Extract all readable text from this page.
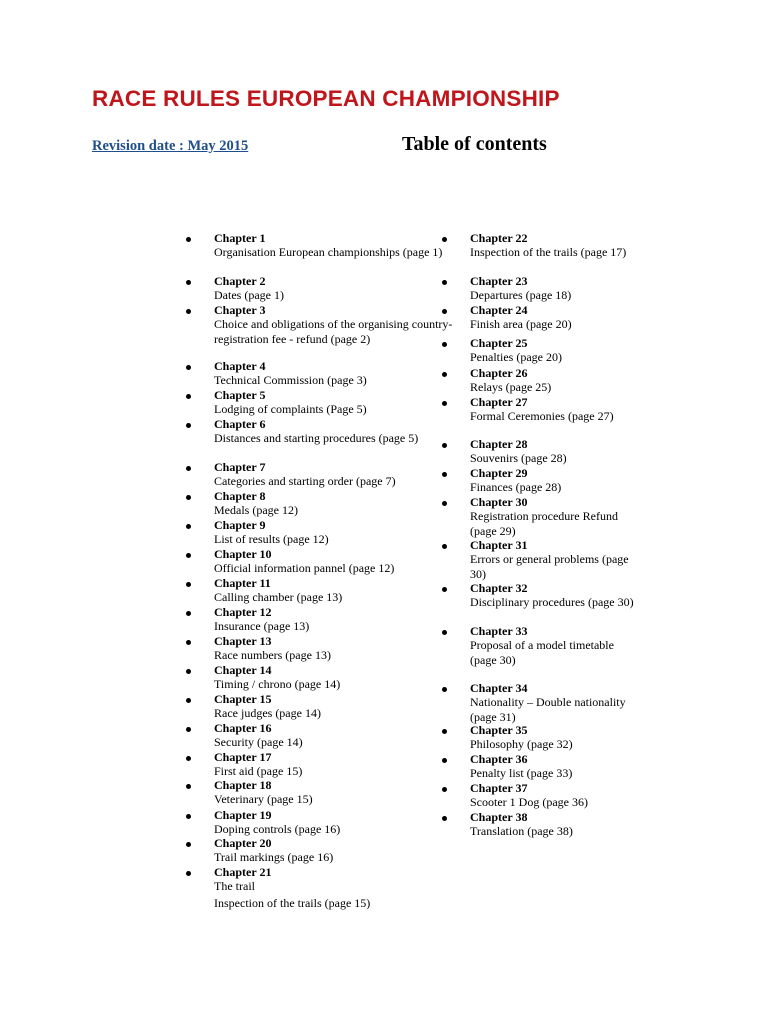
RACE RULES EUROPEAN CHAMPIONSHIP
Revision date : May 2015	Table of contents
Chapter 1
Organisation European championships (page 1)
Chapter 2
Dates (page 1)
Chapter 3
Choice and obligations of the organising country- registration fee - refund (page 2)
Chapter 4
Technical Commission (page 3)
Chapter 5
Lodging of complaints (Page 5)
Chapter 6
Distances and starting procedures (page 5)
Chapter 7
Categories and starting order (page 7)
Chapter 8
Medals (page 12)
Chapter 9
List of results (page 12)
Chapter 10
Official information pannel (page 12)
Chapter 11
Calling chamber (page 13)
Chapter 12
Insurance (page 13)
Chapter 13
Race numbers (page 13)
Chapter 14
Timing / chrono (page 14)
Chapter 15
Race judges (page 14)
Chapter 16
Security (page 14)
Chapter 17
First aid (page 15)
Chapter 18
Veterinary (page 15)
Chapter 19
Doping controls (page 16)
Chapter 20
Trail markings (page 16)
Chapter 21
The trail
Inspection of the trails (page 15)
Chapter 22
Inspection of the trails (page 17)
Chapter 23
Departures (page 18)
Chapter 24
Finish area (page 20)
Chapter 25
Penalties (page 20)
Chapter 26
Relays (page 25)
Chapter 27
Formal Ceremonies (page 27)
Chapter 28
Souvenirs (page 28)
Chapter 29
Finances (page 28)
Chapter 30
Registration procedure Refund (page 29)
Chapter 31
Errors or general problems (page 30)
Chapter 32
Disciplinary procedures (page 30)
Chapter 33
Proposal of a model timetable
(page 30)
Chapter 34
Nationality – Double nationality (page 31)
Chapter 35
Philosophy (page 32)
Chapter 36
Penalty list (page 33)
Chapter 37
Scooter 1 Dog (page 36)
Chapter 38
Translation (page 38)
